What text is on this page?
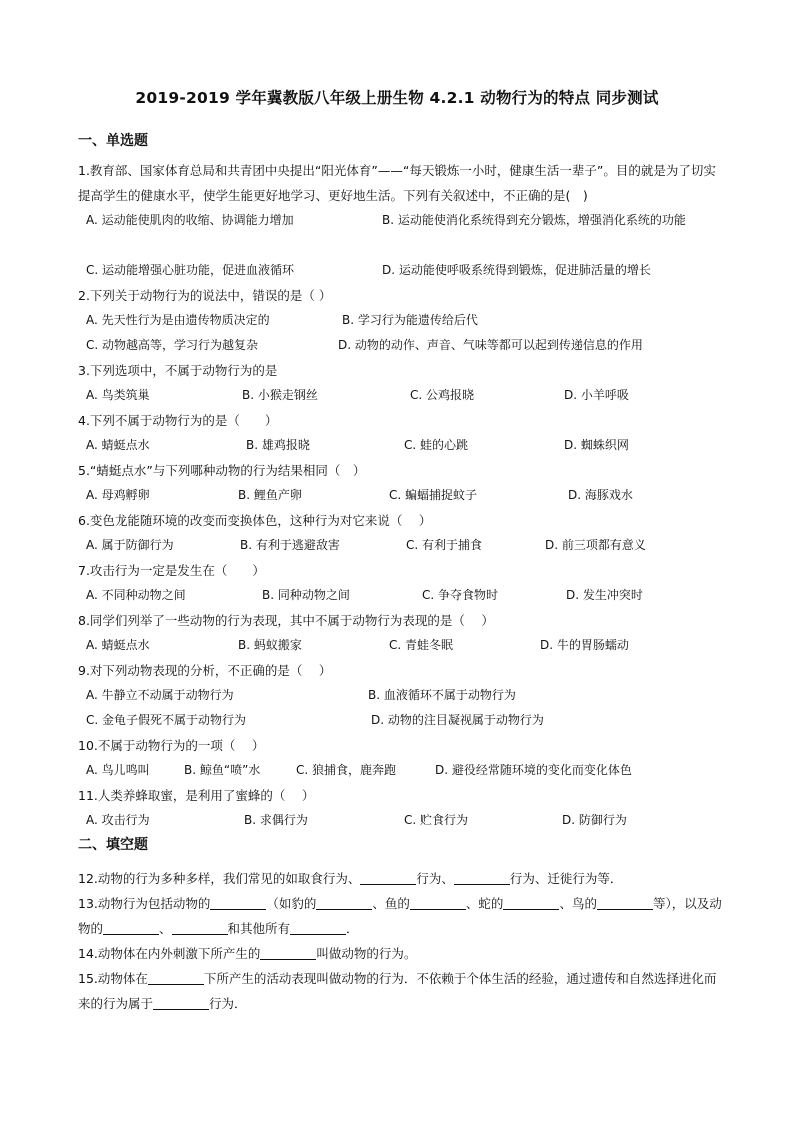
2019-2019 学年冀教版八年级上册生物 4.2.1 动物行为的特点 同步测试
一、单选题
1.教育部、国家体育总局和共青团中央提出“阳光体育”——“每天锻炼一小时，健康生活一辈子”。目的就是为了切实提高学生的健康水平，使学生能更好地学习、更好地生活。下列有关叙述中，不正确的是(　)
A. 运动能使肌肉的收缩、协调能力增加	B. 运动能使消化系统得到充分锻炼，增强消化系统的功能
C. 运动能增强心脏功能，促进血液循环	D. 运动能使呼吸系统得到锻炼，促进肺活量的增长
2.下列关于动物行为的说法中，错误的是（ ）
A. 先天性行为是由遗传物质决定的	B. 学习行为能遗传给后代
C. 动物越高等，学习行为越复杂	D. 动物的动作、声音、气味等都可以起到传递信息的作用
3.下列选项中，不属于动物行为的是
A. 鸟类筑巢	B. 小猴走钢丝	C. 公鸡报晓	D. 小羊呼吸
4.下列不属于动物行为的是（　　）
A. 蜻蜓点水	B. 雄鸡报晓	C. 蛙的心跳	D. 蜘蛛织网
5.“蜻蜓点水”与下列哪种动物的行为结果相同（　）
A. 母鸡孵卵	B. 鲤鱼产卵	C. 蝙蝠捕捉蚊子	D. 海豚戏水
6.变色龙能随环境的改变而变换体色，这种行为对它来说（　 ）
A. 属于防御行为	B. 有利于逃避敌害	C. 有利于捕食	D. 前三项都有意义
7.攻击行为一定是发生在（　　）
A. 不同种动物之间	B. 同种动物之间	C. 争夺食物时	D. 发生冲突时
8.同学们列举了一些动物的行为表现，其中不属于动物行为表现的是（　 ）
A. 蜻蜓点水	B. 蚂蚁搬家	C. 青蛙冬眠	D. 牛的胃肠蠕动
9.对下列动物表现的分析，不正确的是（　 ）
A. 牛静立不动属于动物行为	B. 血液循环不属于动物行为
C. 金龟子假死不属于动物行为	D. 动物的注目凝视属于动物行为
10.不属于动物行为的一项（　 ）
A. 鸟儿鸣叫	B. 鲸鱼“喷”水	C. 狼捕食，鹿奔跑	D. 避役经常随环境的变化而变化体色
11.人类养蜂取蜜，是利用了蜜蜂的（　 ）
A. 攻击行为	B. 求偶行为	C. 贮食行为	D. 防御行为
二、填空题
12.动物的行为多种多样，我们常见的如取食行为、	行为、	行为、迁徙行为等．
13.动物行为包括动物的	（如豹的	、鱼的	、蛇的	、鸟的	等），以及动物的	、	和其他所有	．
14.动物体在内外刺激下所产生的	叫做动物的行为。
15.动物体在	下所产生的活动表现叫做动物的行为．不依赖于个体生活的经验，通过遗传和自然选择进化而来的行为属于	行为．
